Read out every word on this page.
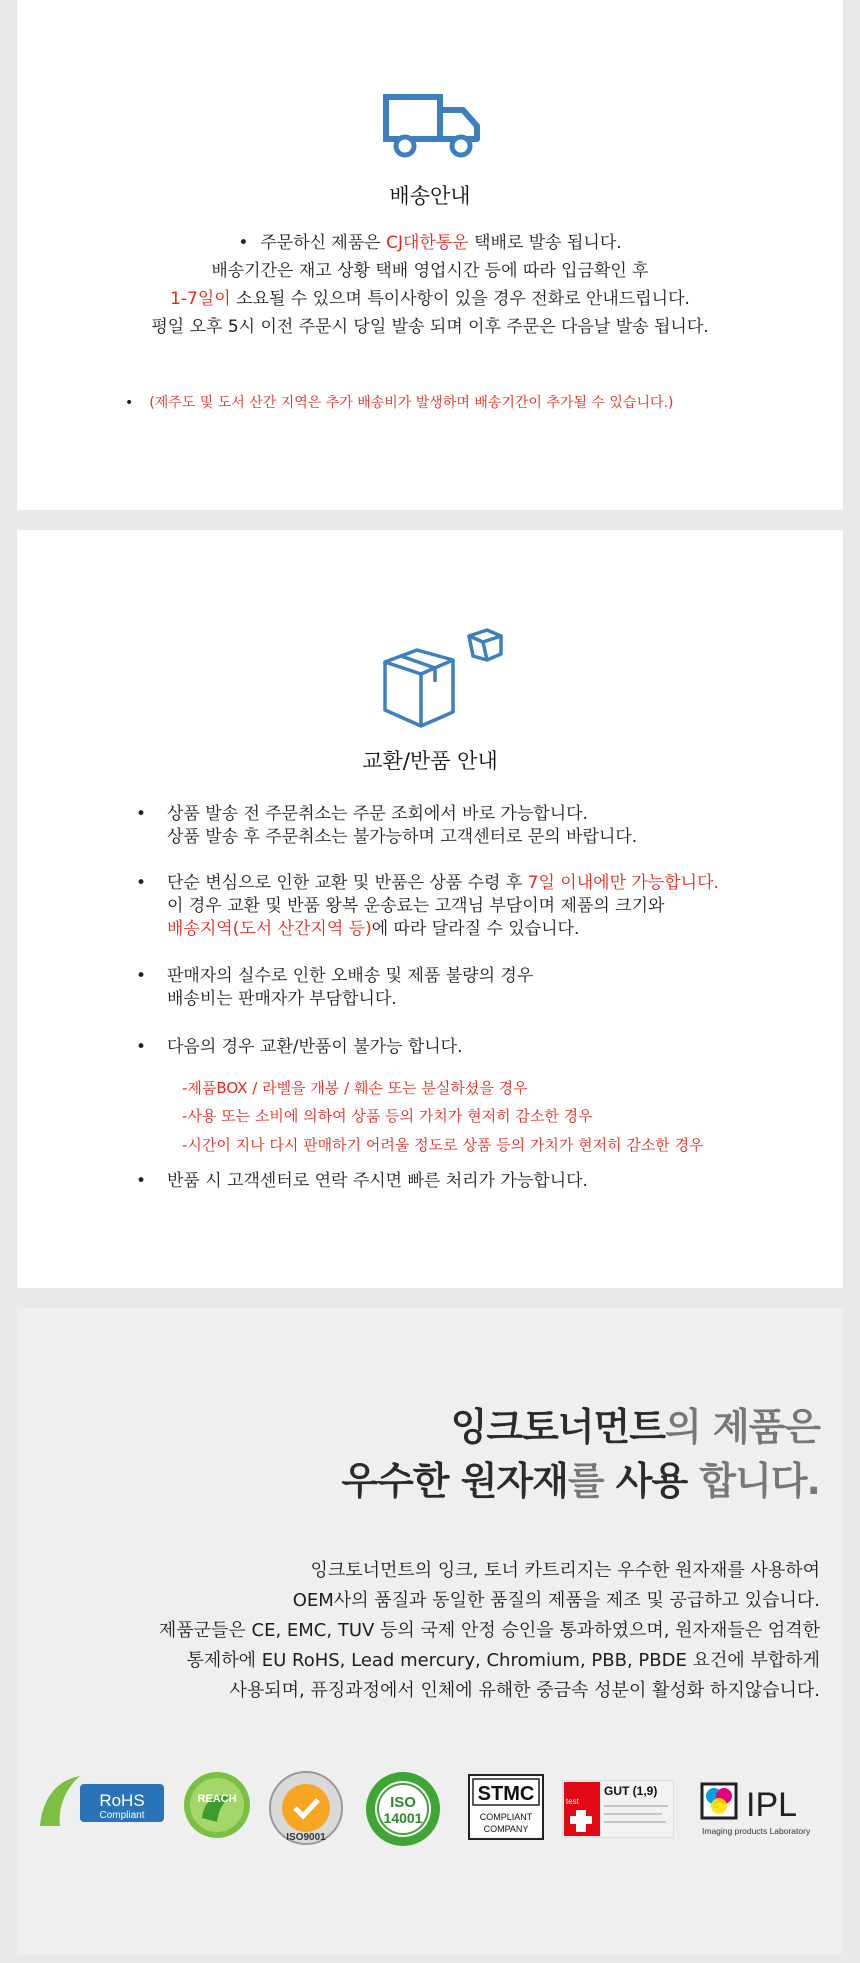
배송안내
• 주문하신 제품은 CJ대한통운 택배로 발송 됩니다.
배송기간은 재고 상황 택배 영업시간 등에 따라 입금확인 후
1-7일이 소요될 수 있으며 특이사항이 있을 경우 전화로 안내드립니다.
평일 오후 5시 이전 주문시 당일 발송 되며 이후 주문은 다음날 발송 됩니다.
• (제주도 및 도서 산간 지역은 추가 배송비가 발생하며 배송기간이 추가될 수 있습니다.)
교환/반품 안내
• 상품 발송 전 주문취소는 주문 조회에서 바로 가능합니다.
상품 발송 후 주문취소는 불가능하며 고객센터로 문의 바랍니다.
• 단순 변심으로 인한 교환 및 반품은 상품 수령 후 7일 이내에만 가능합니다.
이 경우 교환 및 반품 왕복 운송료는 고객님 부담이며 제품의 크기와
배송지역(도서 산간지역 등)에 따라 달라질 수 있습니다.
• 판매자의 실수로 인한 오배송 및 제품 불량의 경우
배송비는 판매자가 부담합니다.
• 다음의 경우 교환/반품이 불가능 합니다.
-제품BOX / 라벨을 개봉 / 훼손 또는 분실하셨을 경우
-사용 또는 소비에 의하여 상품 등의 가치가 현저히 감소한 경우
-시간이 지나 다시 판매하기 어려울 정도로 상품 등의 가치가 현저히 감소한 경우
• 반품 시 고객센터로 연락 주시면 빠른 처리가 가능합니다.
잉크토너먼트의 제품은
우수한 원자재를 사용 합니다.
잉크토너먼트의 잉크, 토너 카트리지는 우수한 원자재를 사용하여
OEM사의 품질과 동일한 품질의 제품을 제조 및 공급하고 있습니다.
제품군들은 CE, EMC, TUV 등의 국제 안정 승인을 통과하였으며, 원자재들은 엄격한
통제하에 EU RoHS, Lead mercury, Chromium, PBB, PBDE 요건에 부합하게
사용되며, 퓨징과정에서 인체에 유해한 중금속 성분이 활성화 하지않습니다.
RoHS
Compliant
REACH
ISO9001
ISO
14001
STMC
COMPLIANT
COMPANY
test
GUT (1,9)	IPL
Imaging products Laboratory
